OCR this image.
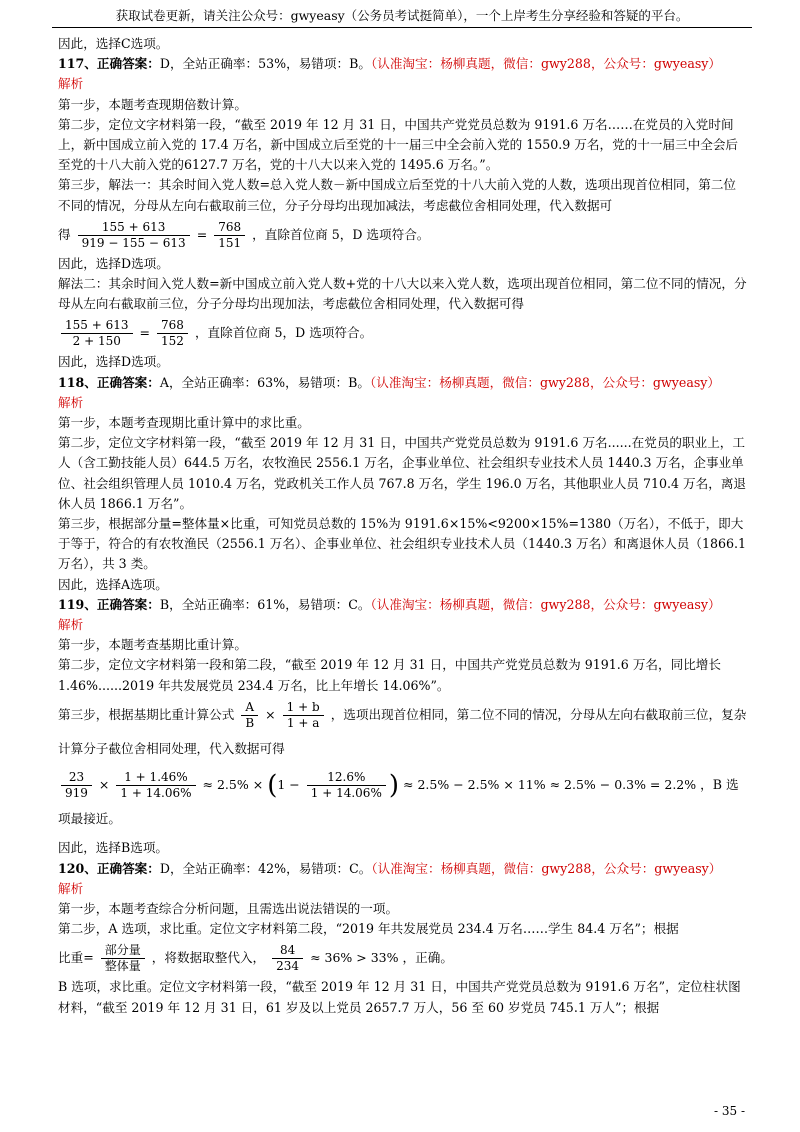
获取试卷更新，请关注公众号：gwyeasy（公务员考试挺简单），一个上岸考生分享经验和答疑的平台。

因此，选择C选项。

117、正确答案：D，全站正确率：53%，易错项：B。（认准淘宝：杨柳真题，微信：gwy288，公众号：gwyeasy）

解析

第一步，本题考查现期倍数计算。

第二步，定位文字材料第一段，“截至 2019 年 12 月 31 日，中国共产党党员总数为 9191.6 万名……在党员的入党时间上，新中国成立前入党的 17.4 万名，新中国成立后至党的十一届三中全会前入党的 1550.9 万名，党的十一届三中全会后至党的十八大前入党的6127.7 万名，党的十八大以来入党的 1495.6 万名。”。

第三步，解法一：其余时间入党人数=总入党人数－新中国成立后至党的十八大前入党的人数，选项出现首位相同，第二位不同的情况，分母从左向右截取前三位，分子分母均出现加减法，考虑截位舍相同处理，代入数据可

得 $\frac{155 + 613}{919 - 155 - 613} = \frac{768}{151}$ ，直除首位商 5，D 选项符合。

因此，选择D选项。

解法二：其余时间入党人数=新中国成立前入党人数+党的十八大以来入党人数，选项出现首位相同，第二位不同的情况，分母从左向右截取前三位，分子分母均出现加法，考虑截位舍相同处理，代入数据可得

$\frac{155 + 613}{2 + 150} = \frac{768}{152}$ ，直除首位商 5，D 选项符合。

因此，选择D选项。

118、正确答案：A，全站正确率：63%，易错项：B。（认准淘宝：杨柳真题，微信：gwy288，公众号：gwyeasy）

解析

第一步，本题考查现期比重计算中的求比重。

第二步，定位文字材料第一段，“截至 2019 年 12 月 31 日，中国共产党党员总数为 9191.6 万名......在党员的职业上，工人（含工勤技能人员）644.5 万名，农牧渔民 2556.1 万名，企事业单位、社会组织专业技术人员 1440.3 万名，企事业单位、社会组织管理人员 1010.4 万名，党政机关工作人员 767.8 万名，学生 196.0 万名，其他职业人员 710.4 万名，离退休人员 1866.1 万名”。

第三步，根据部分量=整体量×比重，可知党员总数的 15%为 9191.6×15%<9200×15%=1380（万名），不低于，即大于等于，符合的有农牧渔民（2556.1 万名）、企事业单位、社会组织专业技术人员（1440.3 万名）和离退休人员（1866.1 万名），共 3 类。

因此，选择A选项。

119、正确答案：B，全站正确率：61%，易错项：C。（认准淘宝：杨柳真题，微信：gwy288，公众号：gwyeasy）

解析

第一步，本题考查基期比重计算。

第二步，定位文字材料第一段和第二段，“截至 2019 年 12 月 31 日，中国共产党党员总数为 9191.6 万名，同比增长 1.46%......2019 年共发展党员 234.4 万名，比上年增长 14.06%”。

第三步，根据基期比重计算公式 $\frac{A}{B} \times \frac{1 + b}{1 + a}$ ，选项出现首位相同，第二位不同的情况，分母从左向右截取前三位，复杂计算分子截位舍相同处理，代入数据可得

$\frac{23}{919} \times \frac{1 + 1.46\%}{1 + 14.06\%} \approx 2.5\% \times (1 - \frac{12.6\%}{1 + 14.06\%}$ ) ≈ 2.5% − 2.5% × 11% ≈ 2.5% − 0.3% = 2.2% ，B 选项最接近。

因此，选择B选项。

120、正确答案：D，全站正确率：42%，易错项：C。（认准淘宝：杨柳真题，微信：gwy288，公众号：gwyeasy）

解析

第一步，本题考查综合分析问题，且需选出说法错误的一项。

第二步，A 选项，求比重。定位文字材料第二段，“2019 年共发展党员 234.4 万名……学生 84.4 万名”；根据

比重= $\frac{\text{部分量}}{\text{整体量}}$ ，将数据取整代入， $\frac{84}{234} \approx 36\% > 33\%$ ，正确。

B 选项，求比重。定位文字材料第一段，“截至 2019 年 12 月 31 日，中国共产党党员总数为 9191.6 万名”，定位柱状图材料，“截至 2019 年 12 月 31 日，61 岁及以上党员 2657.7 万人，56 至 60 岁党员 745.1 万人”；根据

- 35 -
